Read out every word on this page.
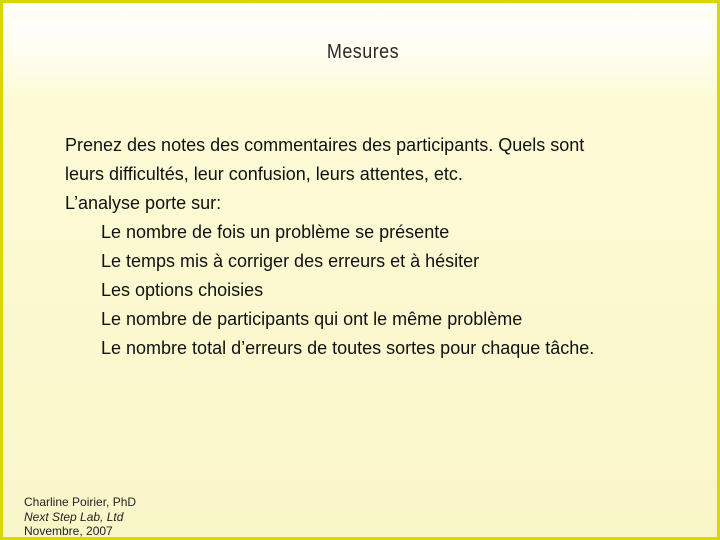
Mesures

Prenez des notes des commentaires des participants. Quels sont

leurs difficultés, leur confusion, leurs attentes, etc.

L’analyse porte sur:

Le nombre de fois un problème se présente

Le temps mis à corriger des erreurs et à hésiter

Les options choisies

Le nombre de participants qui ont le même problème

Le nombre total d’erreurs de toutes sortes pour chaque tâche.

Charline Poirier, PhD
Next Step Lab, Ltd
Novembre, 2007
